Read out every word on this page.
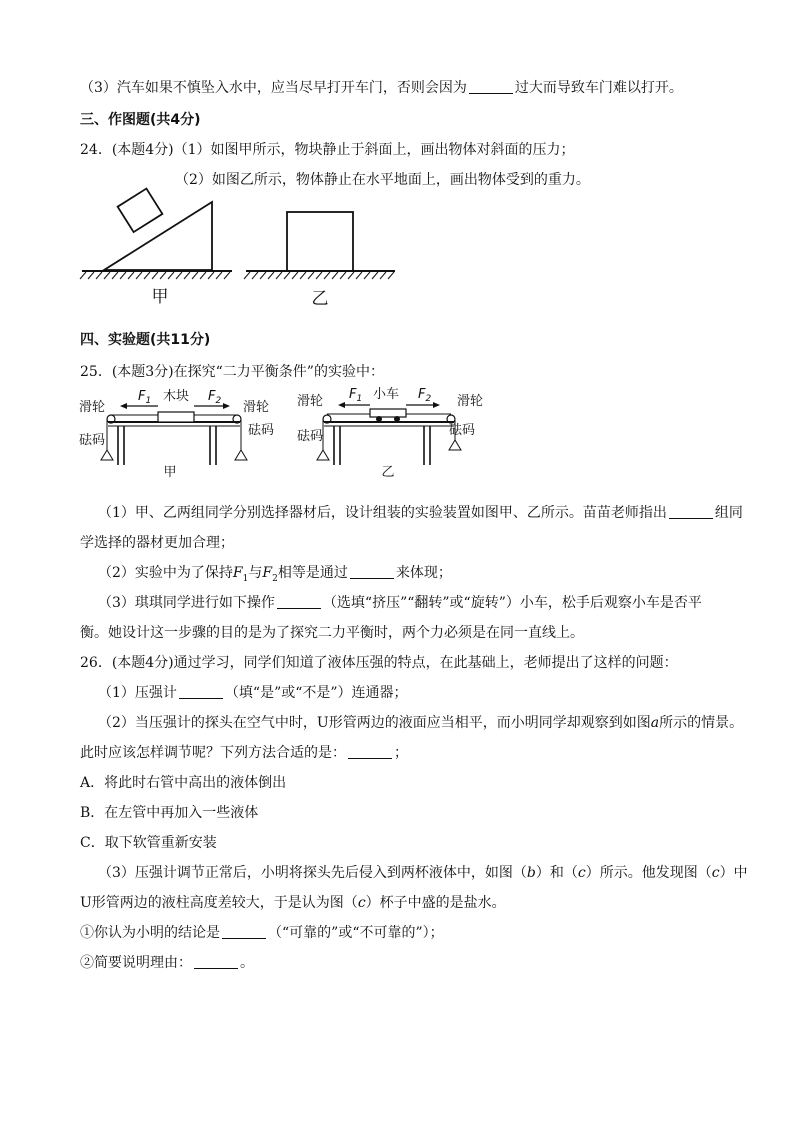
（3）汽车如果不慎坠入水中，应当尽早打开车门，否则会因为	过大而导致车门难以打开。
三、作图题(共4分)
24．(本题4分)（1）如图甲所示，物块静止于斜面上，画出物体对斜面的压力；
（2）如图乙所示，物体静止在水平地面上，画出物体受到的重力。
甲	乙
四、实验题(共11分)
25．(本题3分)在探究“二力平衡条件”的实验中：
滑轮	滑轮
砝码
砝码
$F_1$ 木块 $F_2$
甲
滑轮	滑轮
砝码	砝码
$F_1$ 小车 $F_2$
乙
（1）甲、乙两组同学分别选择器材后，设计组装的实验装置如图甲、乙所示。苗苗老师指出	组同
学选择的器材更加合理；
（2）实验中为了保持$F_1$与$F_2$相等是通过	来体现；
（3）琪琪同学进行如下操作	（选填“挤压”“翻转”或“旋转”）小车，松手后观察小车是否平
衡。她设计这一步骤的目的是为了探究二力平衡时，两个力必须是在同一直线上。
26．(本题4分)通过学习，同学们知道了液体压强的特点，在此基础上，老师提出了这样的问题：
（1）压强计	（填“是”或“不是”）连通器；
（2）当压强计的探头在空气中时，U形管两边的液面应当相平，而小明同学却观察到如图a所示的情景。
此时应该怎样调节呢？下列方法合适的是：	；
A．将此时右管中高出的液体倒出
B．在左管中再加入一些液体
C．取下软管重新安装
（3）压强计调节正常后，小明将探头先后侵入到两杯液体中，如图（b）和（c）所示。他发现图（c）中
U形管两边的液柱高度差较大，于是认为图（c）杯子中盛的是盐水。
①你认为小明的结论是	（“可靠的”或“不可靠的”）；
②简要说明理由：	。
